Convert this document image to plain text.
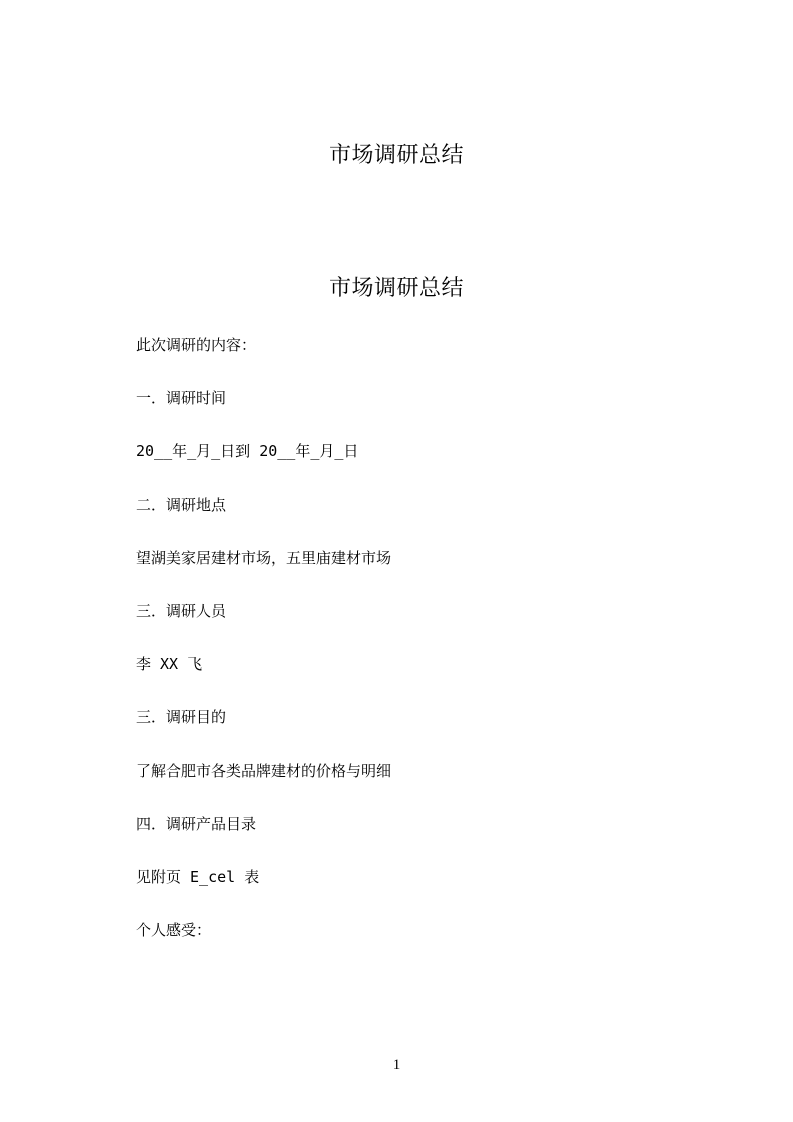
市场调研总结
市场调研总结
此次调研的内容：
一．调研时间
20__年_月_日到 20__年_月_日
二．调研地点
望湖美家居建材市场，五里庙建材市场
三．调研人员
李 XX 飞
三．调研目的
了解合肥市各类品牌建材的价格与明细
四．调研产品目录
见附页 E_cel 表
个人感受：
1
